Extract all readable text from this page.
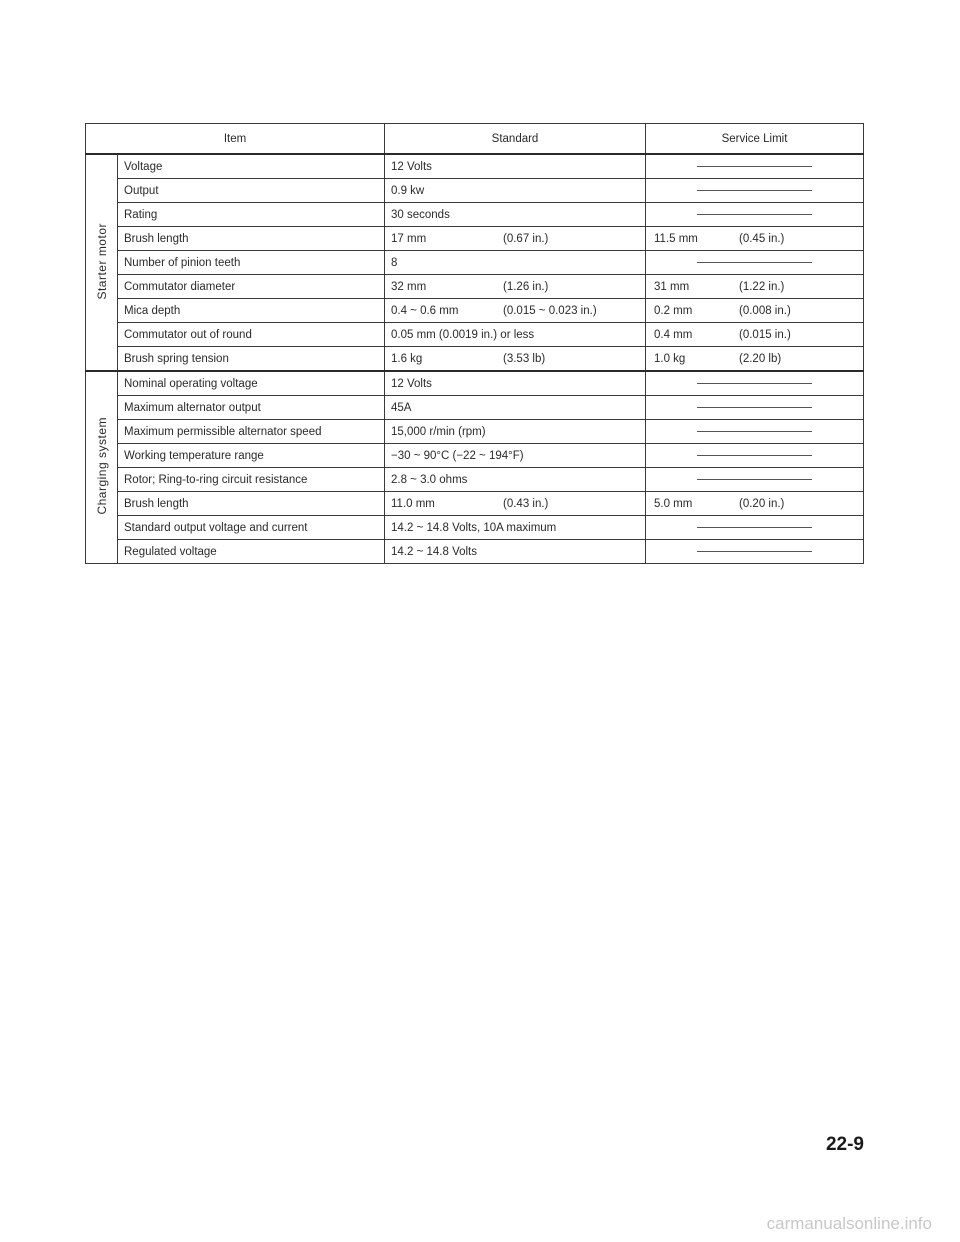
Item		Standard	Service Limit
Starter motor	Voltage	12 Volts	

	Output	0.9 kw	

	Rating	30 seconds	

	Brush length	17 mm (0.67 in.)	11.5 mm (0.45 in.)
	Number of pinion teeth	8	

	Commutator diameter	32 mm (1.26 in.)	31 mm (1.22 in.)
	Mica depth	0.4 ~ 0.6 mm (0.015 ~ 0.023 in.)	0.2 mm (0.008 in.)
	Commutator out of round	0.05 mm (0.0019 in.) or less	0.4 mm (0.015 in.)
	Brush spring tension	1.6 kg (3.53 lb)	1.0 kg (2.20 lb)
Charging system	Nominal operating voltage	12 Volts	

	Maximum alternator output	45A	

	Maximum permissible alternator speed	15,000 r/min (rpm)	

	Working temperature range	−30 ~ 90°C (−22 ~ 194°F)	

	Rotor; Ring-to-ring circuit resistance	2.8 ~ 3.0 ohms	

	Brush length	11.0 mm (0.43 in.)	5.0 mm (0.20 in.)
	Standard output voltage and current	14.2 ~ 14.8 Volts, 10A maximum	

	Regulated voltage	14.2 ~ 14.8 Volts	
22-9
carmanualsonline.info
